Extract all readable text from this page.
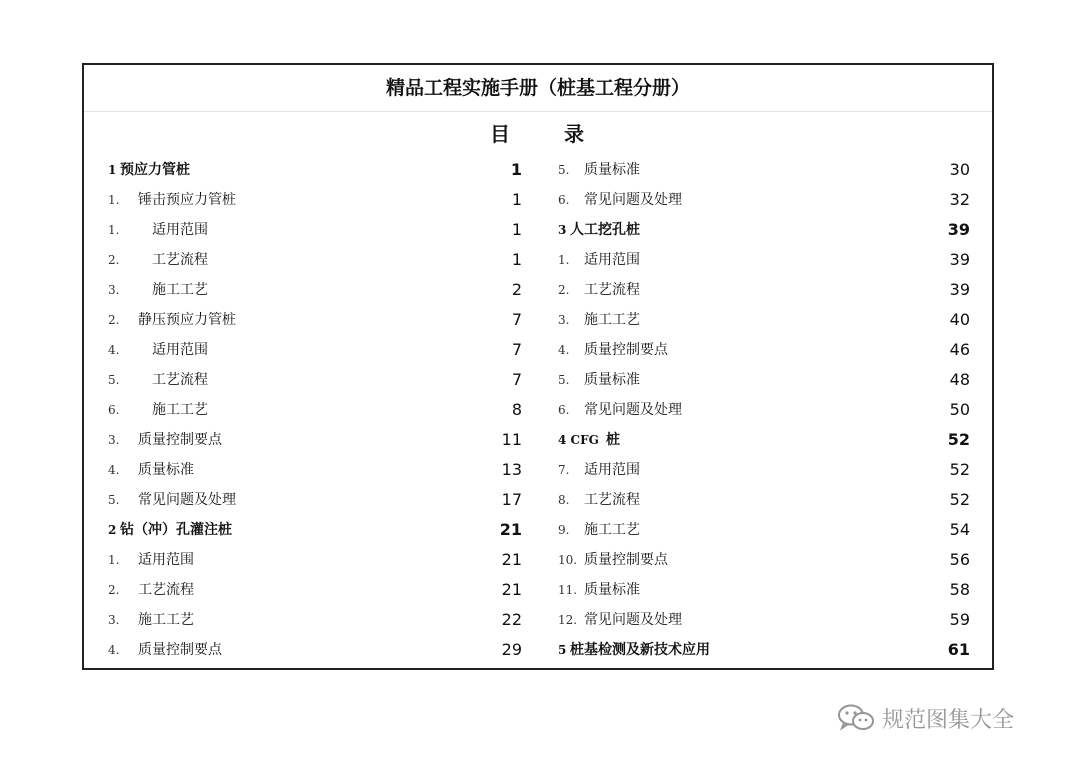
精品工程实施手册（桩基工程分册）
目	录
1 预应力管桩	1
1. 锤击预应力管桩	1
1. 适用范围	1
2. 工艺流程	1
3. 施工工艺	2
2. 静压预应力管桩	7
4. 适用范围	7
5. 工艺流程	7
6. 施工工艺	8
3. 质量控制要点	11
4. 质量标准	13
5. 常见问题及处理	17
2 钻（冲）孔灌注桩	21
1. 适用范围	21
2. 工艺流程	21
3. 施工工艺	22
4. 质量控制要点	29
5. 质量标准	30
6. 常见问题及处理	32
3 人工挖孔桩	39
1. 适用范围	39
2. 工艺流程	39
3. 施工工艺	40
4. 质量控制要点	46
5. 质量标准	48
6. 常见问题及处理	50
4 CFG 桩	52
7. 适用范围	52
8. 工艺流程	52
9. 施工工艺	54
10. 质量控制要点	56
11. 质量标准	58
12. 常见问题及处理	59
5 桩基检测及新技术应用	61
规范图集大全
